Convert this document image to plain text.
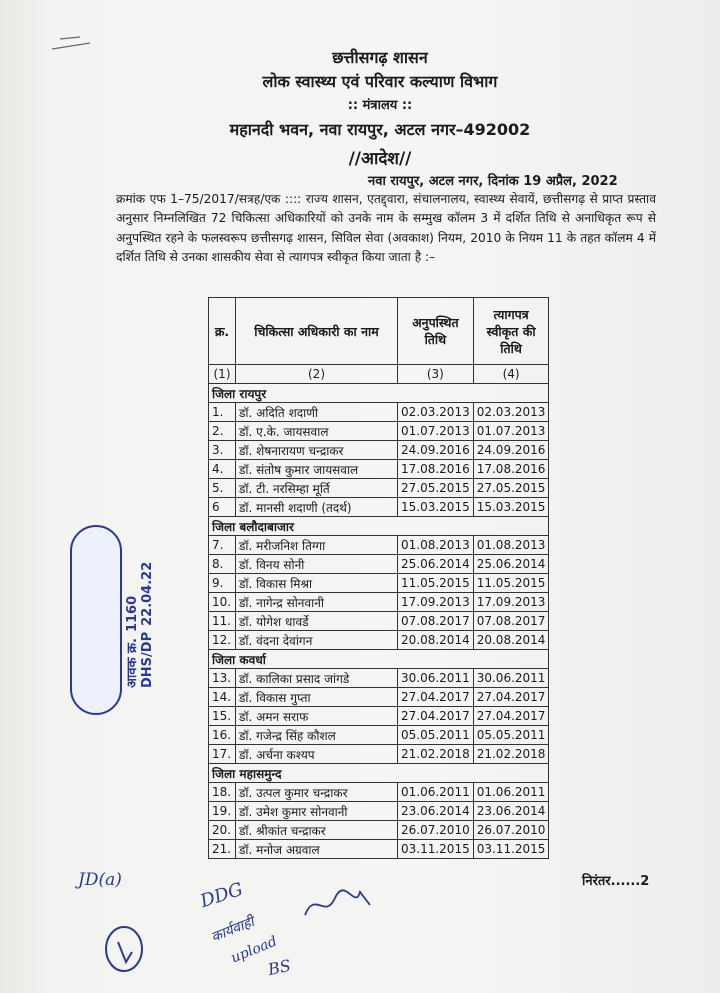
छत्तीसगढ़ शासन
लोक स्वास्थ्य एवं परिवार कल्याण विभाग
:: मंत्रालय ::
महानदी भवन, नवा रायपुर, अटल नगर–492002
//आदेश//
नवा रायपुर, अटल नगर, दिनांक 19 अप्रैल, 2022
क्रमांक एफ 1–75/2017/सत्रह/एक :::: राज्य शासन, एतद्द्वारा, संचालनालय, स्वास्थ्य सेवायें, छत्तीसगढ़ से प्राप्त प्रस्ताव अनुसार निम्नलिखित 72 चिकित्सा अधिकारियों को उनके नाम के सम्मुख कॉलम 3 में दर्शित तिथि से अनाधिकृत रूप से अनुपस्थित रहने के फलस्वरूप छत्तीसगढ़ शासन, सिविल सेवा (अवकाश) नियम, 2010 के नियम 11 के तहत कॉलम 4 में दर्शित तिथि से उनका शासकीय सेवा से त्यागपत्र स्वीकृत किया जाता है :–
क्र.	चिकित्सा अधिकारी का नाम	अनुपस्थित तिथि	त्यागपत्र स्वीकृत की तिथि
(1)	(2)	(3)	(4)
जिला रायपुर			
1.	डॉ. अदिति शदाणी	02.03.2013	02.03.2013
2.	डॉ. ए.के. जायसवाल	01.07.2013	01.07.2013
3.	डॉ. शेषनारायण चन्द्राकर	24.09.2016	24.09.2016
4.	डॉ. संतोष कुमार जायसवाल	17.08.2016	17.08.2016
5.	डॉ. टी. नरसिम्हा मूर्ति	27.05.2015	27.05.2015
6	डॉ. मानसी शदाणी (तदर्थ)	15.03.2015	15.03.2015
जिला बलौदाबाजार			
7.	डॉ. मरीजनिश तिग्गा	01.08.2013	01.08.2013
8.	डॉ. विनय सोनी	25.06.2014	25.06.2014
9.	डॉ. विकास मिश्रा	11.05.2015	11.05.2015
10.	डॉ. नागेन्द्र सोनवानी	17.09.2013	17.09.2013
11.	डॉ. योगेश धावर्डे	07.08.2017	07.08.2017
12.	डॉ. वंदना देवांगन	20.08.2014	20.08.2014
जिला कवर्धा			
13.	डॉ. कालिका प्रसाद जांगडे	30.06.2011	30.06.2011
14.	डॉ. विकास गुप्ता	27.04.2017	27.04.2017
15.	डॉ. अमन सराफ	27.04.2017	27.04.2017
16.	डॉ. गजेन्द्र सिंह कौशल	05.05.2011	05.05.2011
17.	डॉ. अर्चना कश्यप	21.02.2018	21.02.2018
जिला महासमुन्द			
18.	डॉ. उत्पल कुमार चन्द्राकर	01.06.2011	01.06.2011
19.	डॉ. उमेश कुमार सोनवानी	23.06.2014	23.06.2014
20.	डॉ. श्रीकांत चन्द्राकर	26.07.2010	26.07.2010
21.	डॉ. मनोज अग्रवाल	03.11.2015	03.11.2015
निरंतर......2
आवक क्र.1160
DHS/DP22.04.22
JD(a)	DDG
कार्यवाही
upload
BS
